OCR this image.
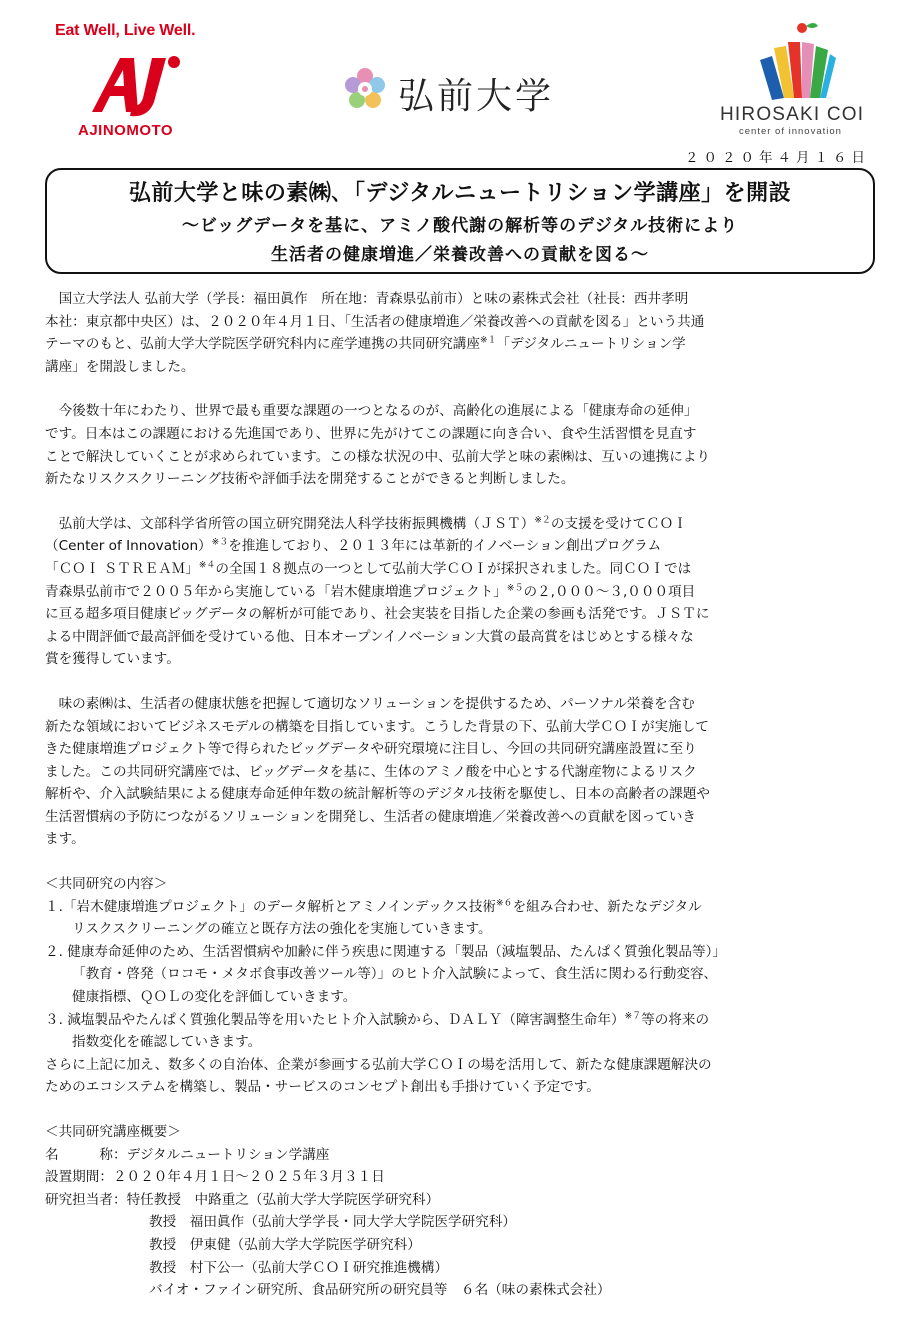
Eat Well, Live Well.
AJINOMOTO
弘前大学	HIROSAKI COI
center of innovation
２０２０年４月１６日
弘前大学と味の素㈱､「デジタルニュートリション学講座」を開設
～ビッグデータを基に、アミノ酸代謝の解析等のデジタル技術により
生活者の健康増進／栄養改善への貢献を図る～

　国立大学法人 弘前大学（学長：福田眞作　所在地：青森県弘前市）と味の素株式会社（社長：西井孝明

本社：東京都中央区）は、２０２０年４月１日、「生活者の健康増進／栄養改善への貢献を図る」という共通

テーマのもと、弘前大学大学院医学研究科内に産学連携の共同研究講座$^{※1}$「デジタルニュートリション学

講座」を開設しました。

　今後数十年にわたり、世界で最も重要な課題の一つとなるのが、高齢化の進展による「健康寿命の延伸」

です。日本はこの課題における先進国であり、世界に先がけてこの課題に向き合い、食や生活習慣を見直す

ことで解決していくことが求められています。この様な状況の中、弘前大学と味の素㈱は、互いの連携により

新たなリスクスクリーニング技術や評価手法を開発することができると判断しました。

　弘前大学は、文部科学省所管の国立研究開発法人科学技術振興機構（ＪＳＴ）$^{※2}$の支援を受けてＣＯＩ

（Center of Innovation）$^{※3}$を推進しており、２０１３年には革新的イノベーション創出プログラム

「ＣＯＩ ＳＴＲＥＡＭ」$^{※4}$の全国１８拠点の一つとして弘前大学ＣＯＩが採択されました。同ＣＯＩでは

青森県弘前市で２００５年から実施している「岩木健康増進プロジェクト」$^{※5}$の２,０００～３,０００項目

に亘る超多項目健康ビッグデータの解析が可能であり、社会実装を目指した企業の参画も活発です。ＪＳＴに

よる中間評価で最高評価を受けている他、日本オープンイノベーション大賞の最高賞をはじめとする様々な

賞を獲得しています。

　味の素㈱は、生活者の健康状態を把握して適切なソリューションを提供するため、パーソナル栄養を含む

新たな領域においてビジネスモデルの構築を目指しています。こうした背景の下、弘前大学ＣＯＩが実施して

きた健康増進プロジェクト等で得られたビッグデータや研究環境に注目し、今回の共同研究講座設置に至り

ました。この共同研究講座では、ビッグデータを基に、生体のアミノ酸を中心とする代謝産物によるリスク

解析や、介入試験結果による健康寿命延伸年数の統計解析等のデジタル技術を駆使し、日本の高齢者の課題や

生活習慣病の予防につながるソリューションを開発し、生活者の健康増進／栄養改善への貢献を図っていき

ます。

＜共同研究の内容＞

１.「岩木健康増進プロジェクト」のデータ解析とアミノインデックス技術$^{※6}$を組み合わせ、新たなデジタル

リスクスクリーニングの確立と既存方法の強化を実施していきます。

２. 健康寿命延伸のため、生活習慣病や加齢に伴う疾患に関連する「製品（減塩製品、たんぱく質強化製品等）」

「教育・啓発（ロコモ・メタボ食事改善ツール等）」のヒト介入試験によって、食生活に関わる行動変容、

健康指標、ＱＯＬの変化を評価していきます。

３. 減塩製品やたんぱく質強化製品等を用いたヒト介入試験から、ＤＡＬＹ（障害調整生命年）$^{※7}$等の将来の

指数変化を確認していきます。

さらに上記に加え、数多くの自治体、企業が参画する弘前大学ＣＯＩの場を活用して、新たな健康課題解決の

ためのエコシステムを構築し、製品・サービスのコンセプト創出も手掛けていく予定です。

＜共同研究講座概要＞

名　　　称：デジタルニュートリション学講座

設置期間：２０２０年４月１日～２０２５年３月３１日

研究担当者：特任教授　中路重之（弘前大学大学院医学研究科）

教授　福田眞作（弘前大学学長・同大学大学院医学研究科）

教授　伊東健（弘前大学大学院医学研究科）

教授　村下公一（弘前大学ＣＯＩ研究推進機構）

バイオ・ファイン研究所、食品研究所の研究員等　６名（味の素株式会社）
